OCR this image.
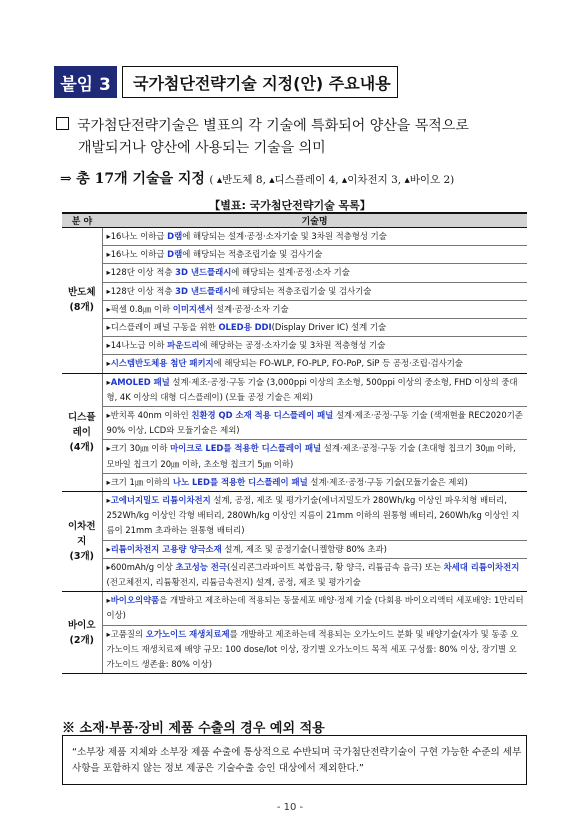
붙임 3	국가첨단전략기술 지정(안) 주요내용
국가첨단전략기술은 별표의 각 기술에 특화되어 양산을 목적으로
개발되거나 양산에 사용되는 기술을 의미
⇒ 총 17개 기술을 지정 ( ▴반도체 8, ▴디스플레이 4, ▴이차전지 3, ▴바이오 2)
【별표: 국가첨단전략기술 목록】
분 야	기술명

반도체
(8개)	▸16나노 이하급 D램에 해당되는 설계·공정·소자기술 및 3차원 적층형성 기술
	▸16나노 이하급 D램에 해당되는 적층조립기술 및 검사기술
	▸128단 이상 적층 3D 낸드플래시에 해당되는 설계·공정·소자 기술
	▸128단 이상 적층 3D 낸드플래시에 해당되는 적층조립기술 및 검사기술
	▸픽셀 0.8㎛ 이하 이미지센서 설계·공정·소자 기술
	▸디스플레이 패널 구동을 위한 OLED용 DDI(Display Driver IC) 설계 기술
	▸14나노급 이하 파운드리에 해당하는 공정·소자기술 및 3차원 적층형성 기술
	▸시스템반도체용 첨단 패키지에 해당되는 FO-WLP, FO-PLP, FO-PoP, SiP 등 공정·조립·검사기술

디스플레이
(4개)	▸AMOLED 패널 설계·제조·공정·구동 기술 (3,000ppi 이상의 초소형, 500ppi 이상의 중소형, FHD 이상의 중대형, 4K 이상의 대형 디스플레이) (모듈 공정 기술은 제외)
	▸반치폭 40nm 이하인 친환경 QD 소재 적용 디스플레이 패널 설계·제조·공정·구동 기술 (색재현율 REC2020기준 90% 이상, LCD와 모듈기술은 제외)
	▸크기 30㎛ 이하 마이크로 LED를 적용한 디스플레이 패널 설계·제조·공정·구동 기술 (초대형 칩크기 30㎛ 이하, 모바일 칩크기 20㎛ 이하, 초소형 칩크기 5㎛ 이하)
	▸크기 1㎛ 이하의 나노 LED를 적용한 디스플레이 패널 설계·제조·공정·구동 기술(모듈기술은 제외)

이차전지
(3개)	▸고에너지밀도 리튬이차전지 설계, 공정, 제조 및 평가기술(에너지밀도가 280Wh/kg 이상인 파우치형 배터리, 252Wh/kg 이상인 각형 배터리, 280Wh/kg 이상인 지름이 21mm 이하의 원통형 배터리, 260Wh/kg 이상인 지름이 21mm 초과하는 원통형 배터리)
	▸리튬이차전지 고용량 양극소재 설계, 제조 및 공정기술(니켈함량 80% 초과)
	▸600mAh/g 이상 초고성능 전극(실리콘그라파이트 복합음극, 황 양극, 리튬금속 음극) 또는 차세대 리튬이차전지(전고체전지, 리튬황전지, 리튬금속전지) 설계, 공정, 제조 및 평가기술

바이오
(2개)	▸바이오의약품을 개발하고 제조하는데 적용되는 동물세포 배양·정제 기술 (다회용 바이오리액터 세포배양: 1만리터 이상)
	▸고품질의 오가노이드 재생치료제를 개발하고 제조하는데 적용되는 오가노이드 분화 및 배양기술(자가 및 동종 오가노이드 재생치료제 배양 규모: 100 dose/lot 이상, 장기별 오가노이드 목적 세포 구성률: 80% 이상, 장기별 오가노이드 생존율: 80% 이상)
※ 소재·부품·장비 제품 수출의 경우 예외 적용
“소부장 제품 지체와 소부장 제품 수출에 통상적으로 수반되며 국가첨단전략기술이 구현 가능한 수준의 세부사항을 포함하지 않는 정보 제공은 기술수출 승인 대상에서 제외한다.”
- 10 -
